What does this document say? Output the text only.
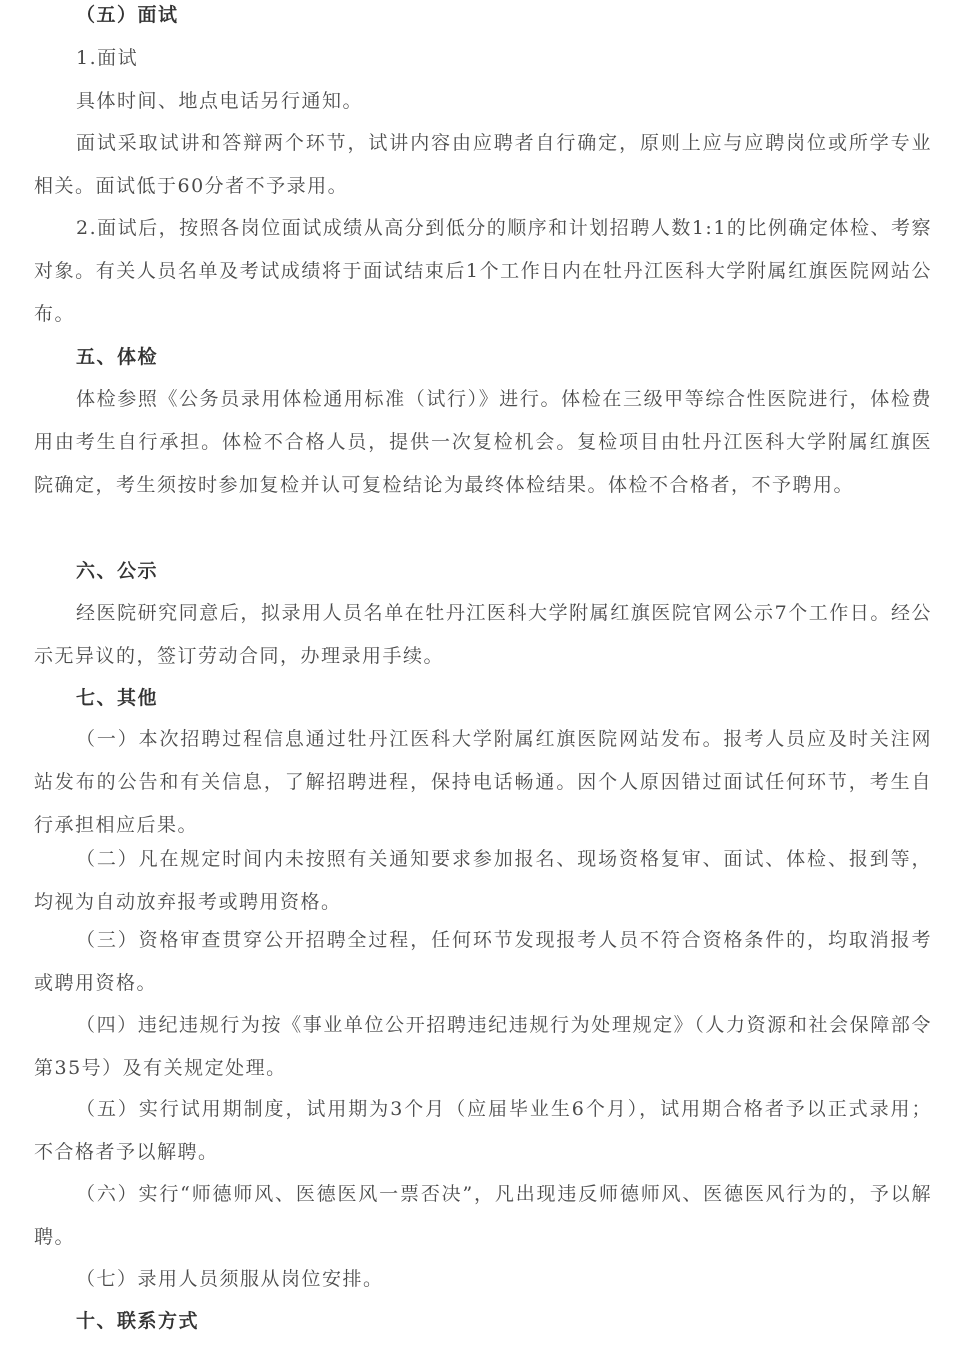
（五）面试

1.面试

具体时间、地点电话另行通知。

面试采取试讲和答辩两个环节，试讲内容由应聘者自行确定，原则上应与应聘岗位或所学专业相关。面试低于60分者不予录用。

2.面试后，按照各岗位面试成绩从高分到低分的顺序和计划招聘人数1:1的比例确定体检、考察对象。有关人员名单及考试成绩将于面试结束后1个工作日内在牡丹江医科大学附属红旗医院网站公布。

五、体检

体检参照《公务员录用体检通用标准（试行）》进行。体检在三级甲等综合性医院进行，体检费用由考生自行承担。体检不合格人员，提供一次复检机会。复检项目由牡丹江医科大学附属红旗医院确定，考生须按时参加复检并认可复检结论为最终体检结果。体检不合格者，不予聘用。

六、公示

经医院研究同意后，拟录用人员名单在牡丹江医科大学附属红旗医院官网公示7个工作日。经公示无异议的，签订劳动合同，办理录用手续。

七、其他

（一）本次招聘过程信息通过牡丹江医科大学附属红旗医院网站发布。报考人员应及时关注网站发布的公告和有关信息，了解招聘进程，保持电话畅通。因个人原因错过面试任何环节，考生自行承担相应后果。

（二）凡在规定时间内未按照有关通知要求参加报名、现场资格复审、面试、体检、报到等，均视为自动放弃报考或聘用资格。

（三）资格审查贯穿公开招聘全过程，任何环节发现报考人员不符合资格条件的，均取消报考或聘用资格。

（四）违纪违规行为按《事业单位公开招聘违纪违规行为处理规定》（人力资源和社会保障部令第35号）及有关规定处理。

（五）实行试用期制度，试用期为3个月（应届毕业生6个月），试用期合格者予以正式录用；不合格者予以解聘。

（六）实行“师德师风、医德医风一票否决”，凡出现违反师德师风、医德医风行为的，予以解聘。

（七）录用人员须服从岗位安排。

十、联系方式
